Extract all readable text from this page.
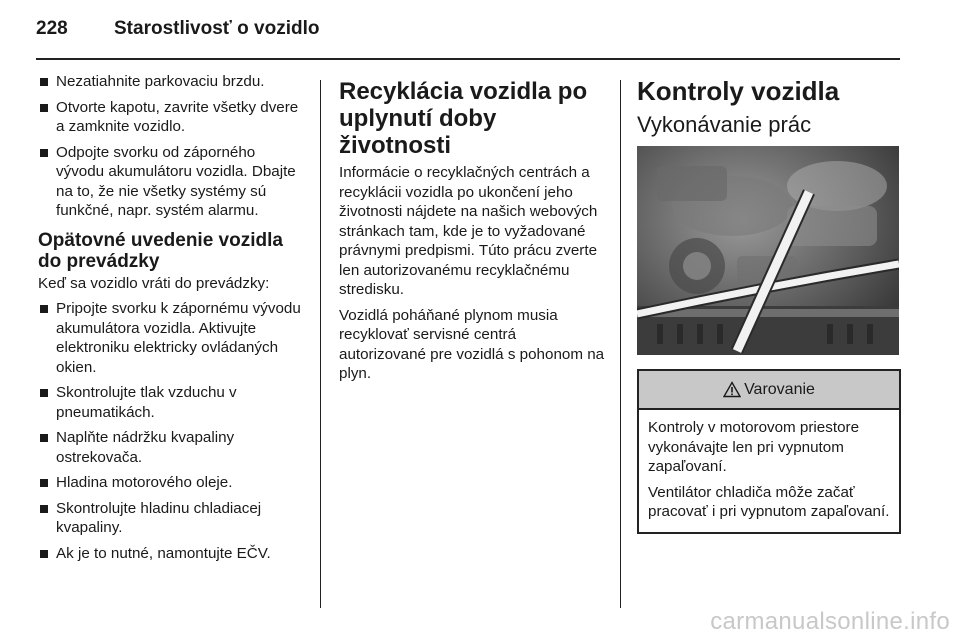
228 Starostlivosť o vozidlo
Nezatiahnite parkovaciu brzdu.
Otvorte kapotu, zavrite všetky dvere a zamknite vozidlo.
Odpojte svorku od záporného vývodu akumulátoru vozidla. Dbajte na to, že nie všetky systémy sú funkčné, napr. systém alarmu.
Opätovné uvedenie vozidla do prevádzky

Keď sa vozidlo vráti do prevádzky:

Pripojte svorku k zápornému vývodu akumulátora vozidla. Aktivujte elektroniku elektricky ovládaných okien.
Skontrolujte tlak vzduchu v pneumatikách.
Naplňte nádržku kvapaliny ostrekovača.
Hladina motorového oleje.
Skontrolujte hladinu chladiacej kvapaliny.
Ak je to nutné, namontujte EČV.
Recyklácia vozidla po uplynutí doby životnosti

Informácie o recyklačných centrách a recyklácii vozidla po ukončení jeho životnosti nájdete na našich webových stránkach tam, kde je to vyžadované právnymi predpismi. Túto prácu zverte len autorizovanému recyklačnému stredisku.

Vozidlá poháňané plynom musia recyklovať servisné centrá autorizované pre vozidlá s pohonom na plyn.

Kontroly vozidla
Vykonávanie prác
Varovanie

Kontroly v motorovom priestore vykonávajte len pri vypnutom zapaľovaní.

Ventilátor chladiča môže začať pracovať i pri vypnutom zapaľovaní.

carmanualsonline.info
